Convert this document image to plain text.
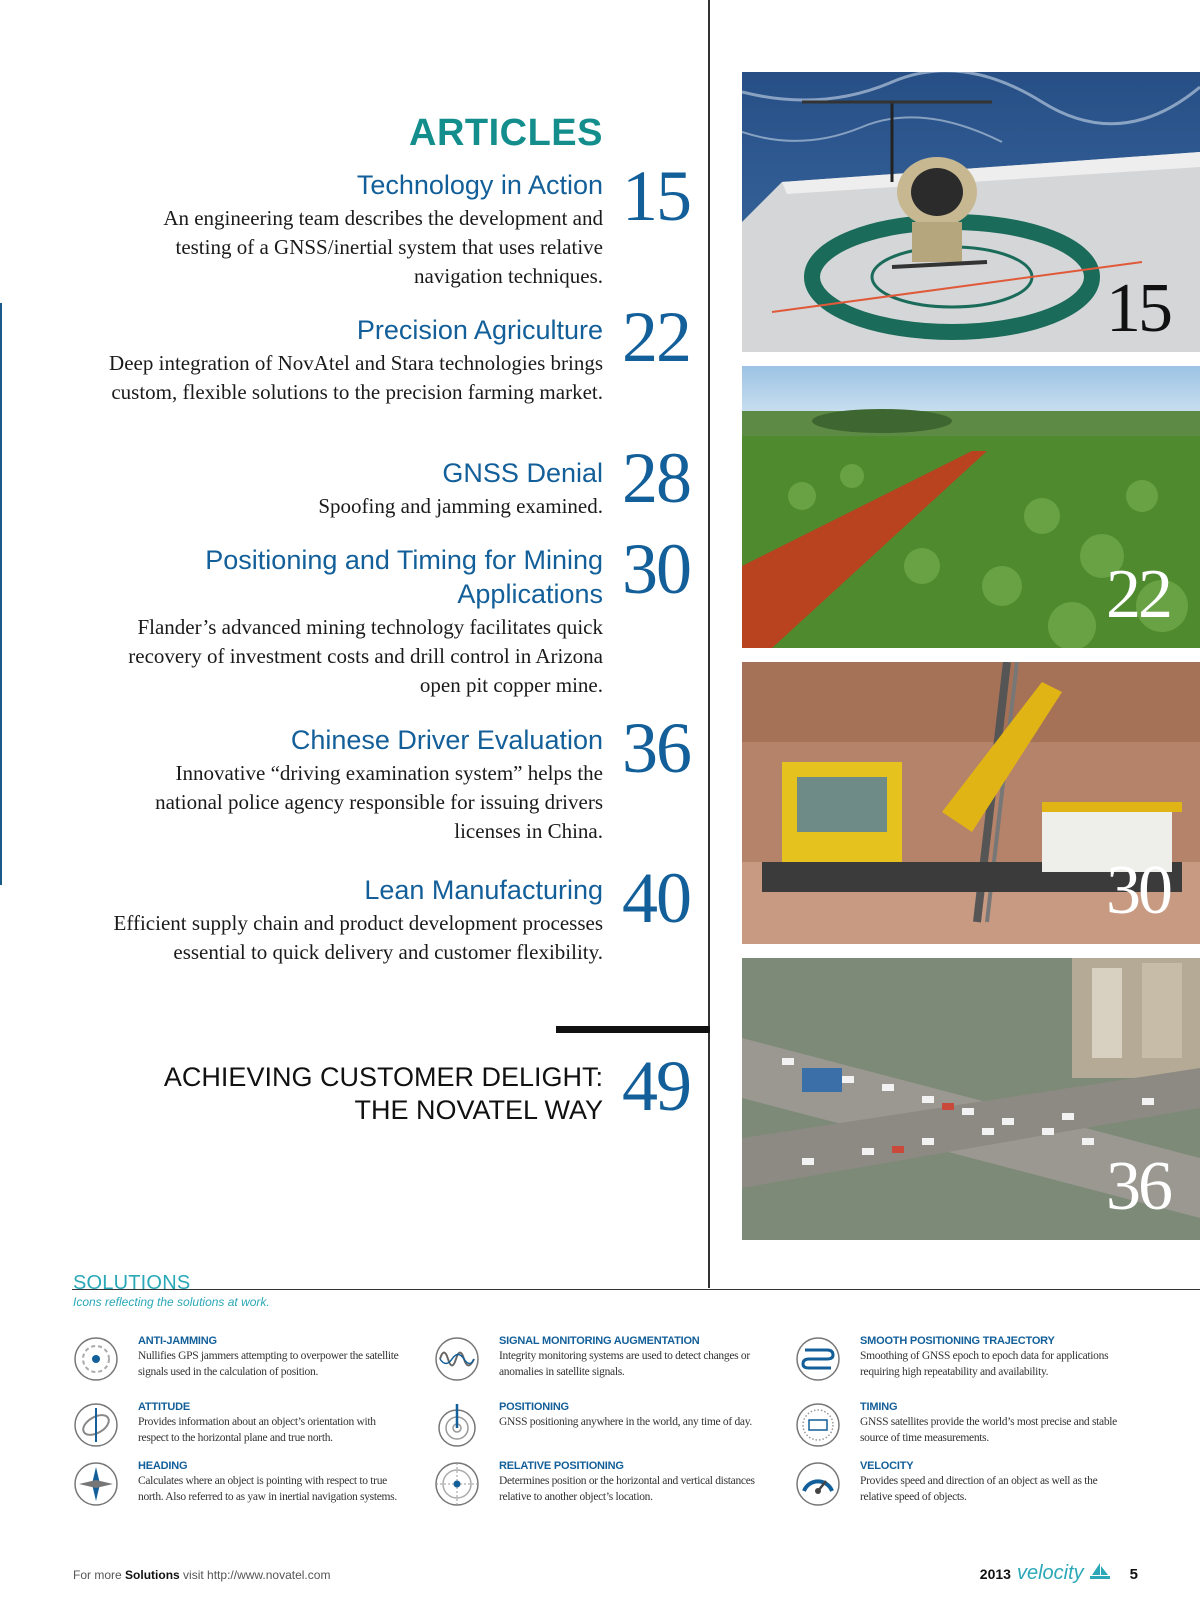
ARTICLES
Technology in Action

An engineering team describes the development and testing of a GNSS/inertial system that uses relative navigation techniques.

15
Precision Agriculture

Deep integration of NovAtel and Stara technologies brings custom, flexible solutions to the precision farming market.

22
GNSS Denial

Spoofing and jamming examined. 28
Positioning and Timing for Mining Applications

Flander’s advanced mining technology facilitates quick recovery of investment costs and drill control in Arizona open pit copper mine.

30
Chinese Driver Evaluation

Innovative “driving examination system” helps the national police agency responsible for issuing drivers licenses in China.

36
Lean Manufacturing

Efficient supply chain and product development processes essential to quick delivery and customer flexibility.

40
ACHIEVING CUSTOMER DELIGHT:
THE NOVATEL WAY 49
15
22
30
36
SOLUTIONS
Icons reflecting the solutions at work.
ANTI-JAMMING

Nullifies GPS jammers attempting to overpower the satellite signals used in the calculation of position.

ATTITUDE

Provides information about an object’s orientation with respect to the horizontal plane and true north.

HEADING

Calculates where an object is pointing with respect to true north. Also referred to as yaw in inertial navigation systems.

SIGNAL MONITORING AUGMENTATION

Integrity monitoring systems are used to detect changes or anomalies in satellite signals.

POSITIONING

GNSS positioning anywhere in the world, any time of day.

RELATIVE POSITIONING

Determines position or the horizontal and vertical distances relative to another object’s location.

SMOOTH POSITIONING TRAJECTORY

Smoothing of GNSS epoch to epoch data for applications requiring high repeatability and availability.

TIMING

GNSS satellites provide the world’s most precise and stable source of time measurements.

VELOCITY

Provides speed and direction of an object as well as the relative speed of objects.

For more Solutions visit http://www.novatel.com	2013 velocity	5
